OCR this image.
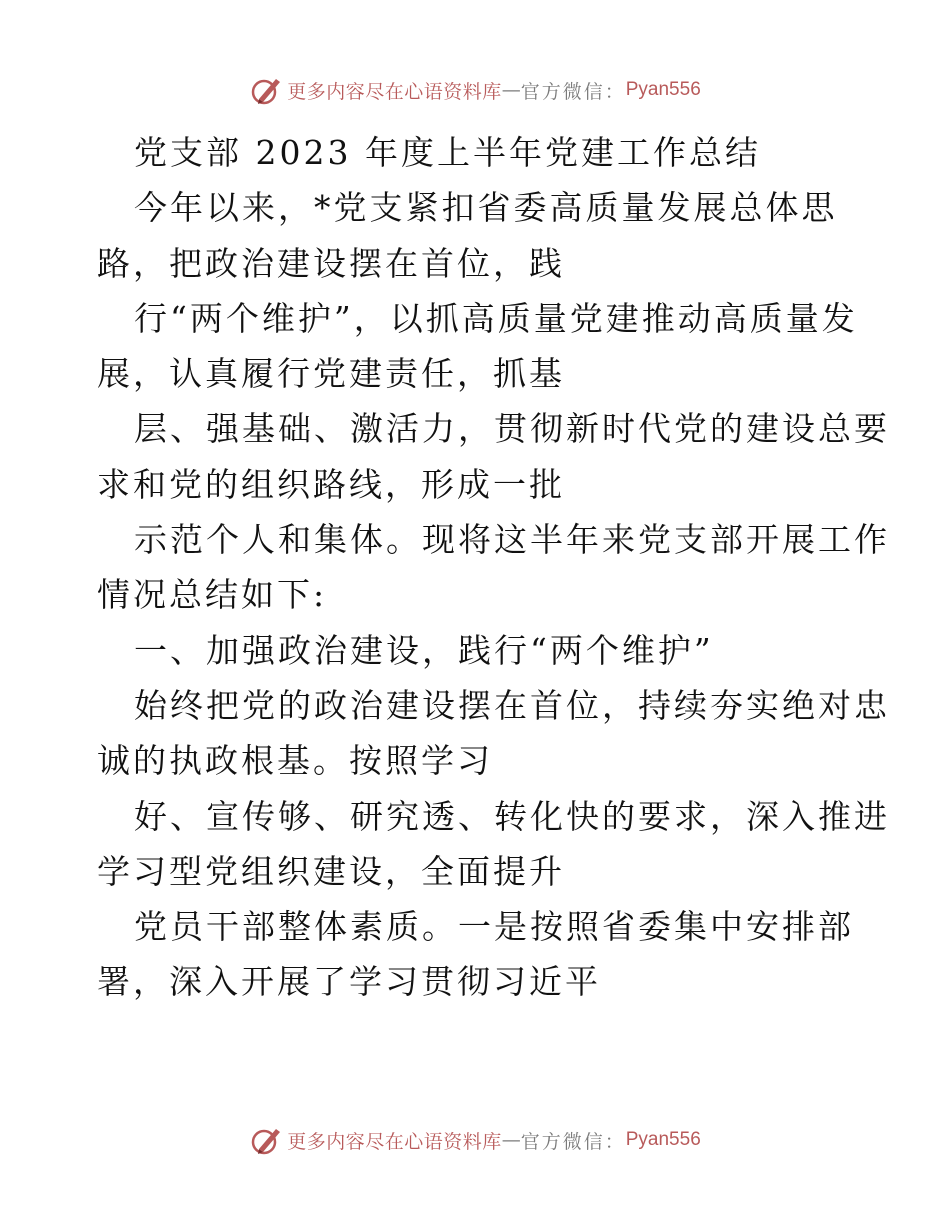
更多内容尽在心语资料库 — 官方微信： Pyan556
党支部 2023 年度上半年党建工作总结
今年以来，*党支紧扣省委高质量发展总体思
路，把政治建设摆在首位，践
行“两个维护”，以抓高质量党建推动高质量发
展，认真履行党建责任，抓基
层、强基础、激活力，贯彻新时代党的建设总要
求和党的组织路线，形成一批
示范个人和集体。现将这半年来党支部开展工作
情况总结如下:
一、加强政治建设，践行“两个维护”
始终把党的政治建设摆在首位，持续夯实绝对忠
诚的执政根基。按照学习
好、宣传够、研究透、转化快的要求，深入推进
学习型党组织建设，全面提升
党员干部整体素质。一是按照省委集中安排部
署，深入开展了学习贯彻习近平
更多内容尽在心语资料库 — 官方微信： Pyan556
